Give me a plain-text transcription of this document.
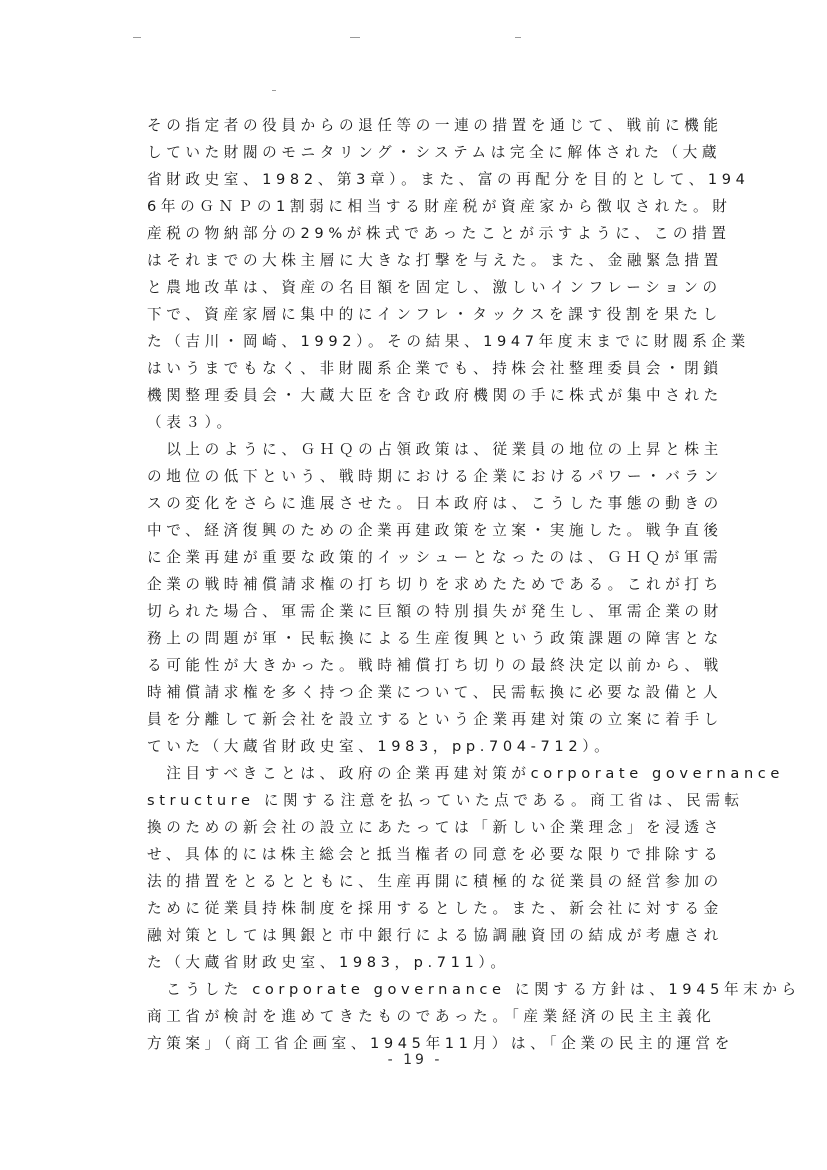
その指定者の役員からの退任等の一連の措置を通じて、戦前に機能
していた財閥のモニタリング・システムは完全に解体された（大蔵
省財政史室、1982、第3章）。また、富の再配分を目的として、194
6年のＧＮＰの1割弱に相当する財産税が資産家から徴収された。財
産税の物納部分の29%が株式であったことが示すように、この措置
はそれまでの大株主層に大きな打撃を与えた。また、金融緊急措置
と農地改革は、資産の名目額を固定し、激しいインフレーションの
下で、資産家層に集中的にインフレ・タックスを課す役割を果たし
た（吉川・岡崎、1992）。その結果、1947年度末までに財閥系企業
はいうまでもなく、非財閥系企業でも、持株会社整理委員会・閉鎖
機関整理委員会・大蔵大臣を含む政府機関の手に株式が集中された
（表３）。
　以上のように、ＧＨＱの占領政策は、従業員の地位の上昇と株主
の地位の低下という、戦時期における企業におけるパワー・バラン
スの変化をさらに進展させた。日本政府は、こうした事態の動きの
中で、経済復興のための企業再建政策を立案・実施した。戦争直後
に企業再建が重要な政策的イッシューとなったのは、ＧＨＱが軍需
企業の戦時補償請求権の打ち切りを求めたためである。これが打ち
切られた場合、軍需企業に巨額の特別損失が発生し、軍需企業の財
務上の問題が軍・民転換による生産復興という政策課題の障害とな
る可能性が大きかった。戦時補償打ち切りの最終決定以前から、戦
時補償請求権を多く持つ企業について、民需転換に必要な設備と人
員を分離して新会社を設立するという企業再建対策の立案に着手し
ていた（大蔵省財政史室、1983，pp.704-712）。
　注目すべきことは、政府の企業再建対策がcorporate governance
structure に関する注意を払っていた点である。商工省は、民需転
換のための新会社の設立にあたっては「新しい企業理念」を浸透さ
せ、具体的には株主総会と抵当権者の同意を必要な限りで排除する
法的措置をとるとともに、生産再開に積極的な従業員の経営参加の
ために従業員持株制度を採用するとした。また、新会社に対する金
融対策としては興銀と市中銀行による協調融資団の結成が考慮され
た（大蔵省財政史室、1983，p.711）。
　こうした corporate governance に関する方針は、1945年末から
商工省が検討を進めてきたものであった。「産業経済の民主主義化
方策案」（商工省企画室、1945年11月）は、「企業の民主的運営を
- 19 -
